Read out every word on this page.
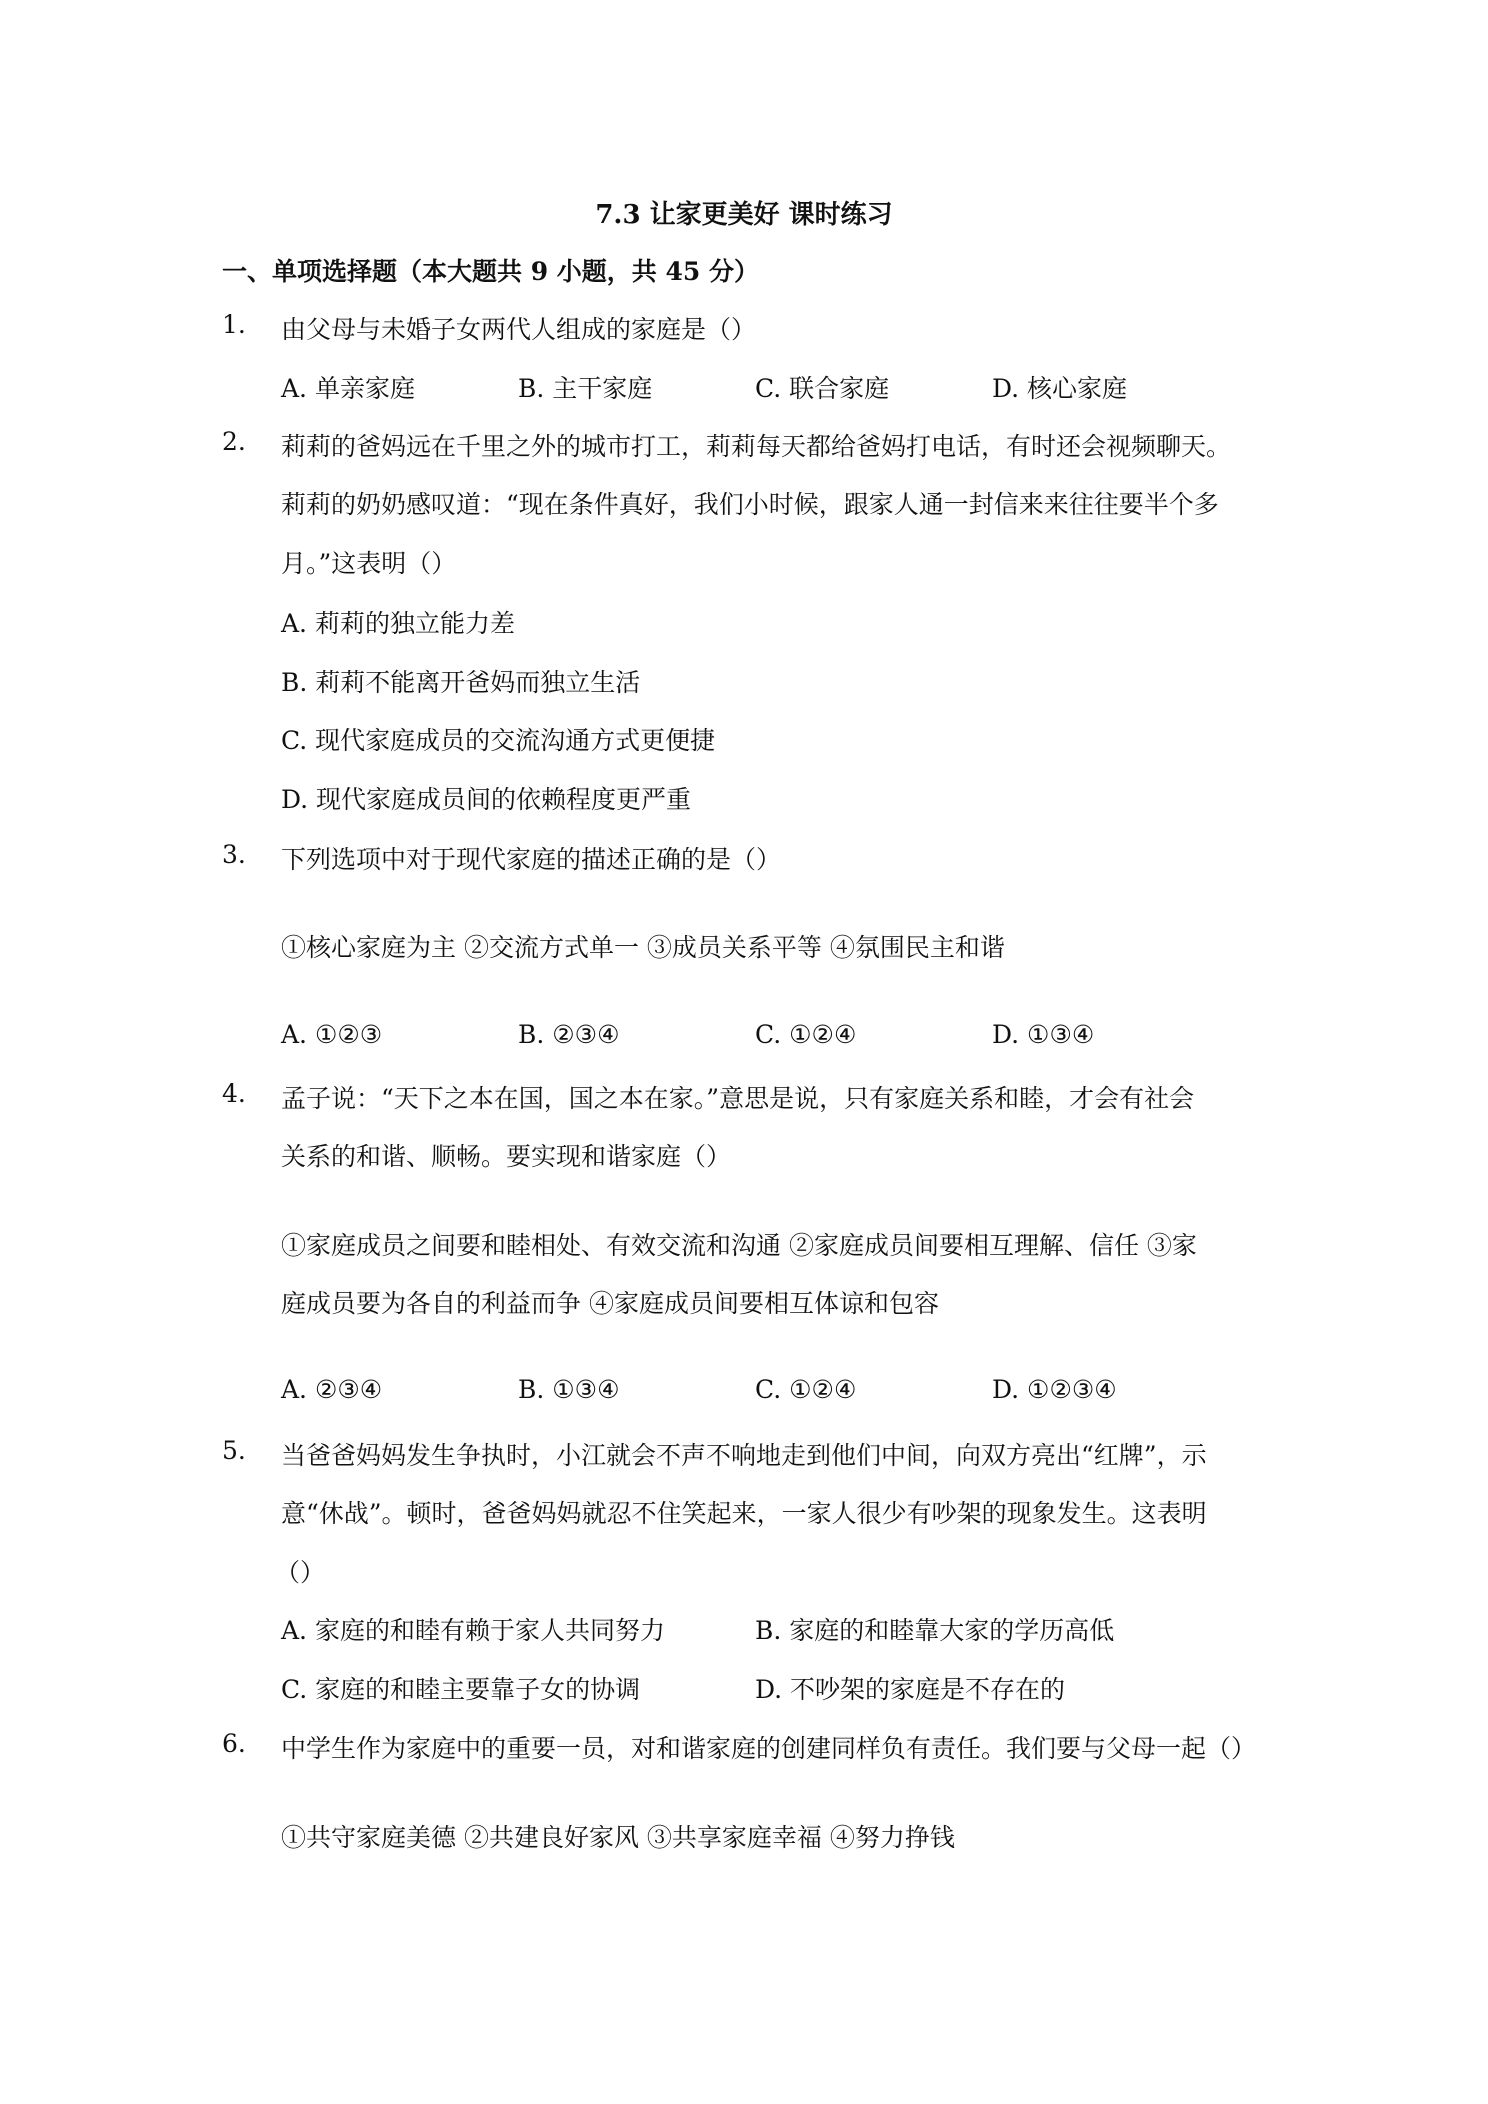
7.3 让家更美好 课时练习
一、单项选择题（本大题共 9 小题，共 45 分）
1. 由父母与未婚子女两代人组成的家庭是（）
A. 单亲家庭	B. 主干家庭	C. 联合家庭	D. 核心家庭
2. 莉莉的爸妈远在千里之外的城市打工，莉莉每天都给爸妈打电话，有时还会视频聊天。
莉莉的奶奶感叹道：“现在条件真好，我们小时候，跟家人通一封信来来往往要半个多
月。”这表明（）
A. 莉莉的独立能力差
B. 莉莉不能离开爸妈而独立生活
C. 现代家庭成员的交流沟通方式更便捷
D. 现代家庭成员间的依赖程度更严重
3. 下列选项中对于现代家庭的描述正确的是（）
①核心家庭为主 ②交流方式单一 ③成员关系平等 ④氛围民主和谐
A. ①②③	B. ②③④	C. ①②④	D. ①③④
4. 孟子说：“天下之本在国，国之本在家。”意思是说，只有家庭关系和睦，才会有社会
关系的和谐、顺畅。要实现和谐家庭（）
①家庭成员之间要和睦相处、有效交流和沟通 ②家庭成员间要相互理解、信任 ③家
庭成员要为各自的利益而争 ④家庭成员间要相互体谅和包容
A. ②③④	B. ①③④	C. ①②④	D. ①②③④
5. 当爸爸妈妈发生争执时，小江就会不声不响地走到他们中间，向双方亮出“红牌”，示
意“休战”。顿时，爸爸妈妈就忍不住笑起来，一家人很少有吵架的现象发生。这表明
（）
A. 家庭的和睦有赖于家人共同努力	B. 家庭的和睦靠大家的学历高低
C. 家庭的和睦主要靠子女的协调	D. 不吵架的家庭是不存在的
6. 中学生作为家庭中的重要一员，对和谐家庭的创建同样负有责任。我们要与父母一起（）
①共守家庭美德 ②共建良好家风 ③共享家庭幸福 ④努力挣钱
